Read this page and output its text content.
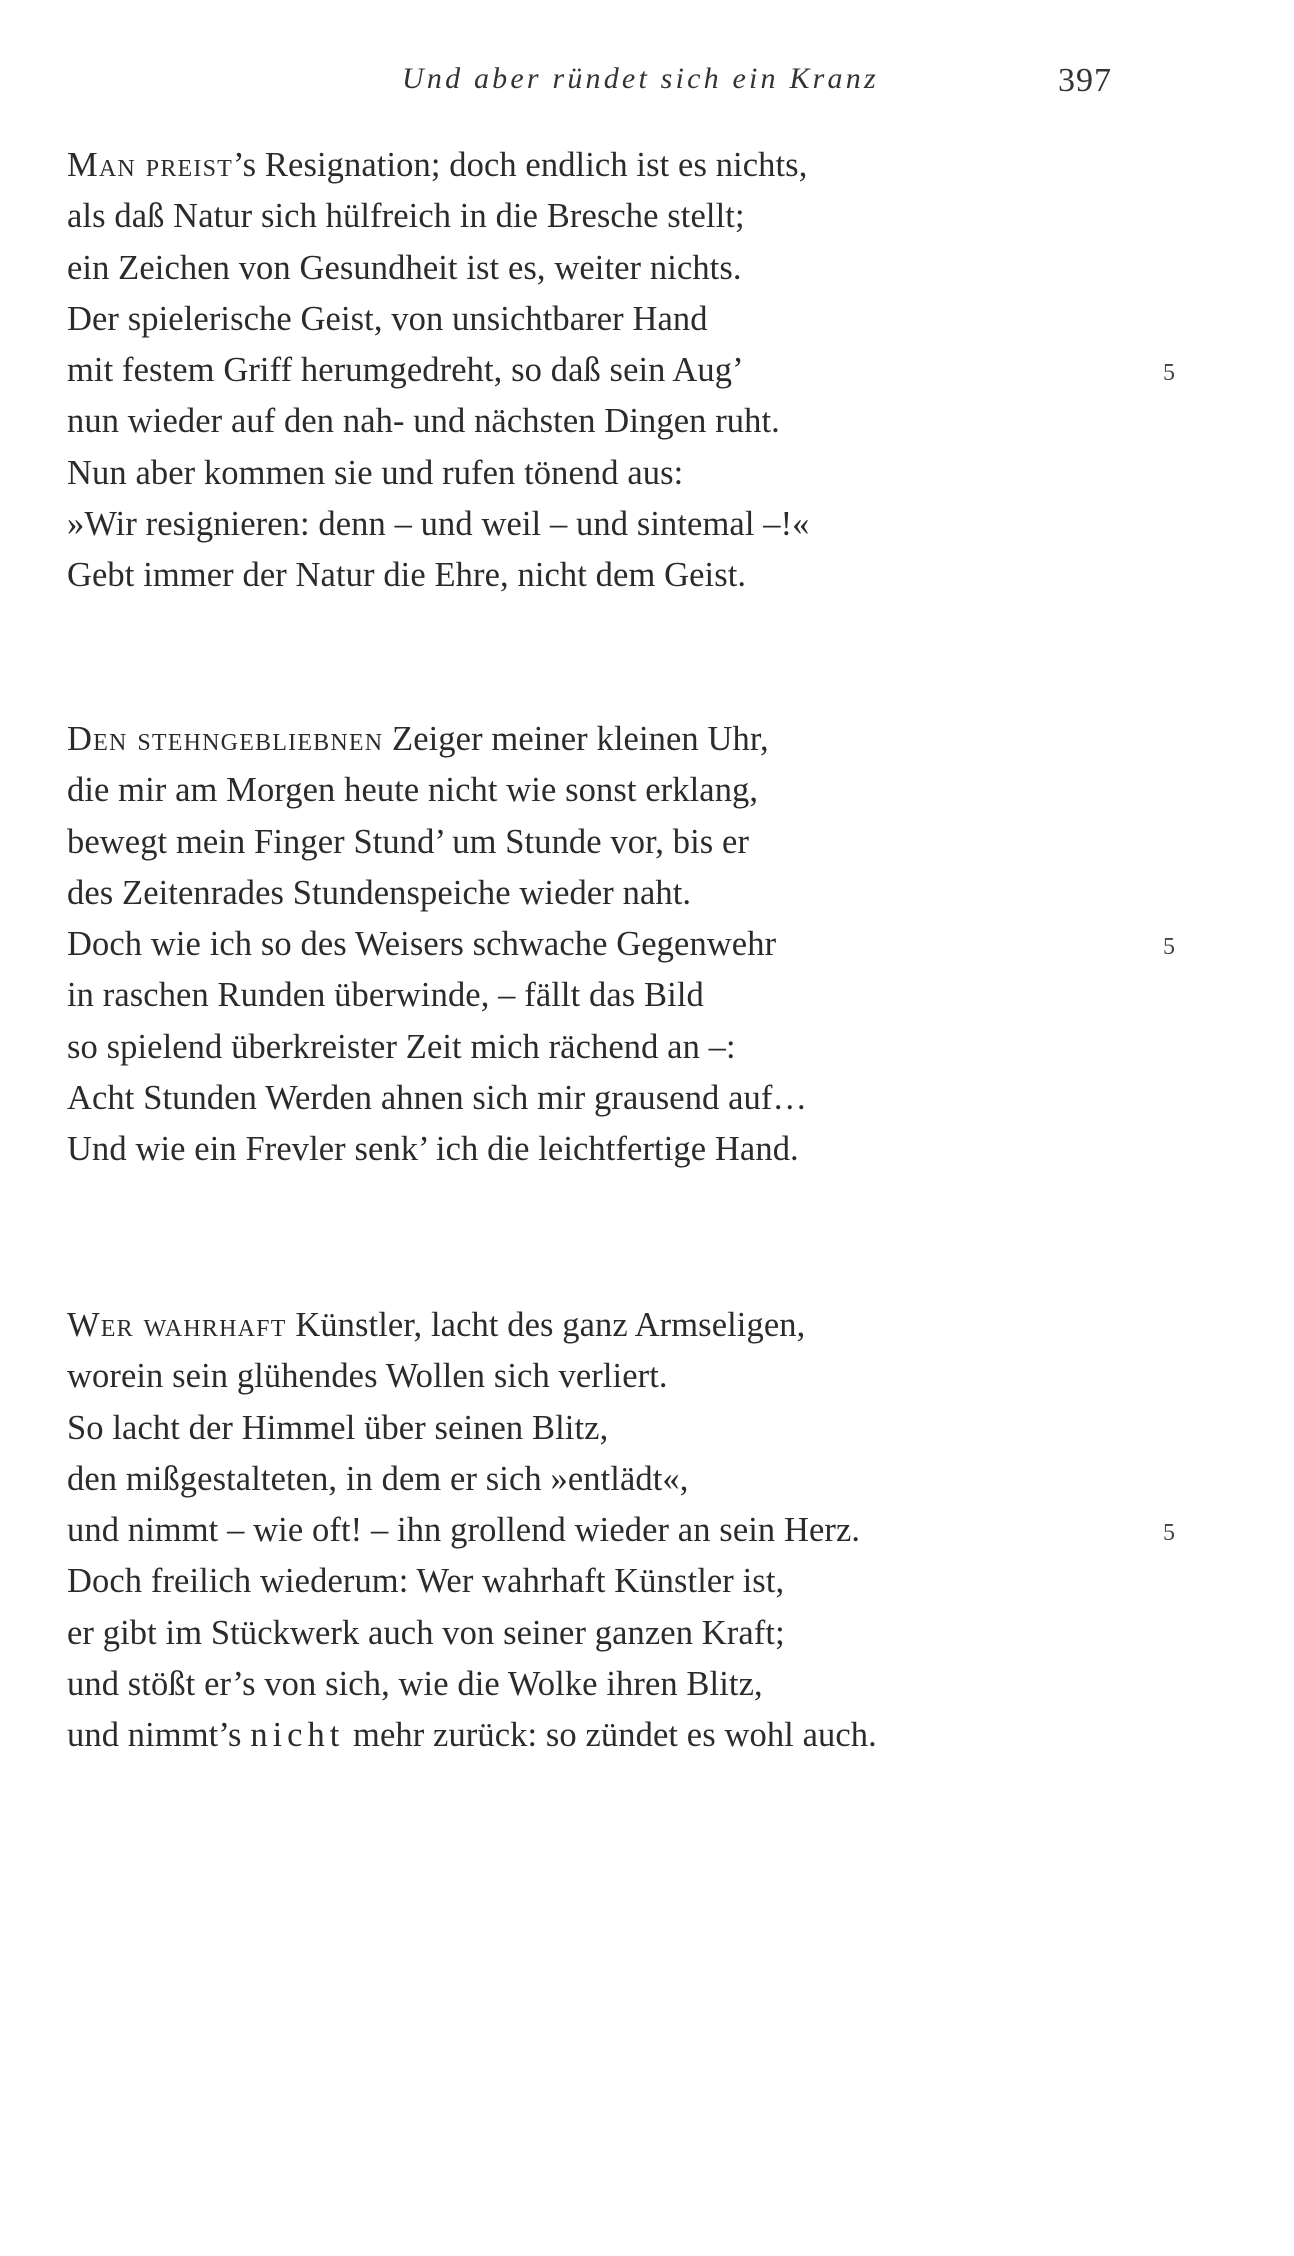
Und aber ründet sich ein Kranz	397
Man preist’s Resignation; doch endlich ist es nichts,
als daß Natur sich hülfreich in die Bresche stellt;
ein Zeichen von Gesundheit ist es, weiter nichts.
Der spielerische Geist, von unsichtbarer Hand
mit festem Griff herumgedreht, so daß sein Aug’	5
nun wieder auf den nah- und nächsten Dingen ruht.
Nun aber kommen sie und rufen tönend aus:
»Wir resignieren: denn – und weil – und sintemal –!«
Gebt immer der Natur die Ehre, nicht dem Geist.
Den stehngebliebnen Zeiger meiner kleinen Uhr,
die mir am Morgen heute nicht wie sonst erklang,
bewegt mein Finger Stund’ um Stunde vor, bis er
des Zeitenrades Stundenspeiche wieder naht.
Doch wie ich so des Weisers schwache Gegenwehr	5
in raschen Runden überwinde, – fällt das Bild
so spielend überkreister Zeit mich rächend an –:
Acht Stunden Werden ahnen sich mir grausend auf…
Und wie ein Frevler senk’ ich die leichtfertige Hand.
Wer wahrhaft Künstler, lacht des ganz Armseligen,
worein sein glühendes Wollen sich verliert.
So lacht der Himmel über seinen Blitz,
den mißgestalteten, in dem er sich »entlädt«,
und nimmt – wie oft! – ihn grollend wieder an sein Herz.	5
Doch freilich wiederum: Wer wahrhaft Künstler ist,
er gibt im Stückwerk auch von seiner ganzen Kraft;
und stößt er’s von sich, wie die Wolke ihren Blitz,
und nimmt’s nicht mehr zurück: so zündet es wohl auch.
